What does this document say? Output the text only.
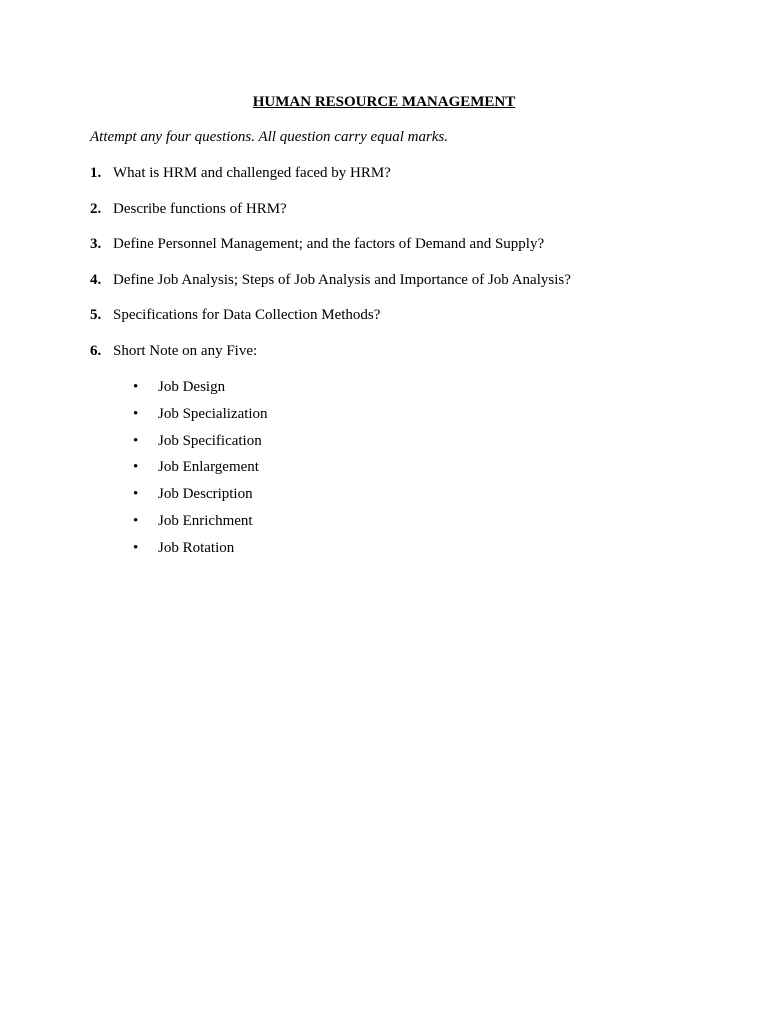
HUMAN RESOURCE MANAGEMENT

Attempt any four questions. All question carry equal marks.

1. What is HRM and challenged faced by HRM?
2. Describe functions of HRM?
3. Define Personnel Management; and the factors of Demand and Supply?
4. Define Job Analysis; Steps of Job Analysis and Importance of Job Analysis?
5. Specifications for Data Collection Methods?
6. Short Note on any Five:
•	Job Design
•	Job Specialization
•	Job Specification
•	Job Enlargement
•	Job Description
•	Job Enrichment
•	Job Rotation
